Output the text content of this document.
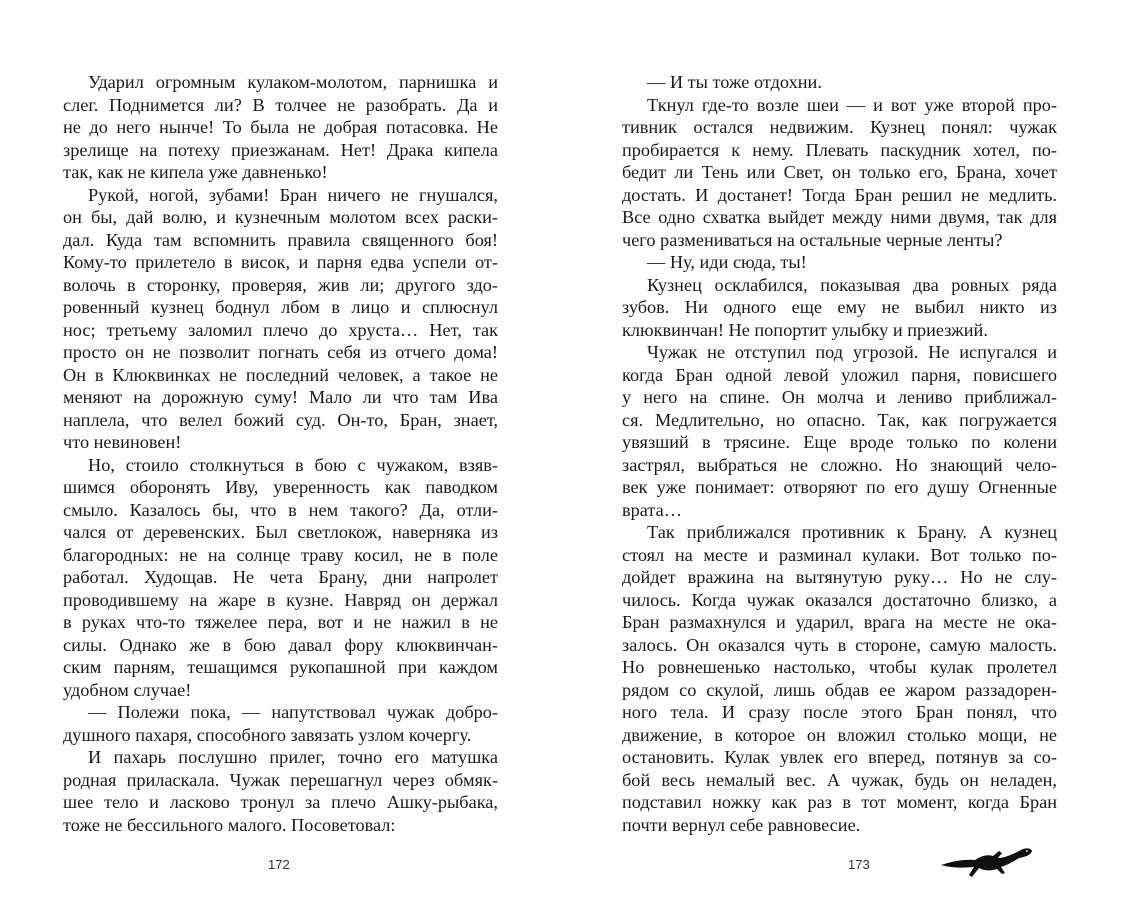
Ударил огромным кулаком-молотом, парнишка и
слег. Поднимется ли? В толчее не разобрать. Да и
не до него нынче! То была не добрая потасовка. Не
зрелище на потеху приезжанам. Нет! Драка кипела
так, как не кипела уже давненько!
Рукой, ногой, зубами! Бран ничего не гнушался,
он бы, дай волю, и кузнечным молотом всех раски-
дал. Куда там вспомнить правила священного боя!
Кому-то прилетело в висок, и парня едва успели от-
волочь в сторонку, проверяя, жив ли; другого здо-
ровенный кузнец боднул лбом в лицо и сплюснул
нос; третьему заломил плечо до хруста… Нет, так
просто он не позволит погнать себя из отчего дома!
Он в Клюквинках не последний человек, а такое не
меняют на дорожную суму! Мало ли что там Ива
наплела, что велел божий суд. Он-то, Бран, знает,
что невиновен!
Но, стоило столкнуться в бою с чужаком, взяв-
шимся оборонять Иву, уверенность как паводком
смыло. Казалось бы, что в нем такого? Да, отли-
чался от деревенских. Был светлокож, наверняка из
благородных: не на солнце траву косил, не в поле
работал. Худощав. Не чета Брану, дни напролет
проводившему на жаре в кузне. Навряд он держал
в руках что-то тяжелее пера, вот и не нажил в не
силы. Однако же в бою давал фору клюквинчан-
ским парням, тешащимся рукопашной при каждом
удобном случае!
— Полежи пока, — напутствовал чужак добро-
душного пахаря, способного завязать узлом кочергу.
И пахарь послушно прилег, точно его матушка
родная приласкала. Чужак перешагнул через обмяк-
шее тело и ласково тронул за плечо Ашку-рыбака,
тоже не бессильного малого. Посоветовал:
172
— И ты тоже отдохни.
Ткнул где-то возле шеи — и вот уже второй про-
тивник остался недвижим. Кузнец понял: чужак
пробирается к нему. Плевать паскудник хотел, по-
бедит ли Тень или Свет, он только его, Брана, хочет
достать. И достанет! Тогда Бран решил не медлить.
Все одно схватка выйдет между ними двумя, так для
чего размениваться на остальные черные ленты?
— Ну, иди сюда, ты!
Кузнец осклабился, показывая два ровных ряда
зубов. Ни одного еще ему не выбил никто из
клюквинчан! Не попортит улыбку и приезжий.
Чужак не отступил под угрозой. Не испугался и
когда Бран одной левой уложил парня, повисшего
у него на спине. Он молча и лениво приближал-
ся. Медлительно, но опасно. Так, как погружается
увязший в трясине. Еще вроде только по колени
застрял, выбраться не сложно. Но знающий чело-
век уже понимает: отворяют по его душу Огненные
врата…
Так приближался противник к Брану. А кузнец
стоял на месте и разминал кулаки. Вот только по-
дойдет вражина на вытянутую руку… Но не слу-
чилось. Когда чужак оказался достаточно близко, а
Бран размахнулся и ударил, врага на месте не ока-
залось. Он оказался чуть в стороне, самую малость.
Но ровнешенько настолько, чтобы кулак пролетел
рядом со скулой, лишь обдав ее жаром раззадорен-
ного тела. И сразу после этого Бран понял, что
движение, в которое он вложил столько мощи, не
остановить. Кулак увлек его вперед, потянув за со-
бой весь немалый вес. А чужак, будь он неладен,
подставил ножку как раз в тот момент, когда Бран
почти вернул себе равновесие.
173
